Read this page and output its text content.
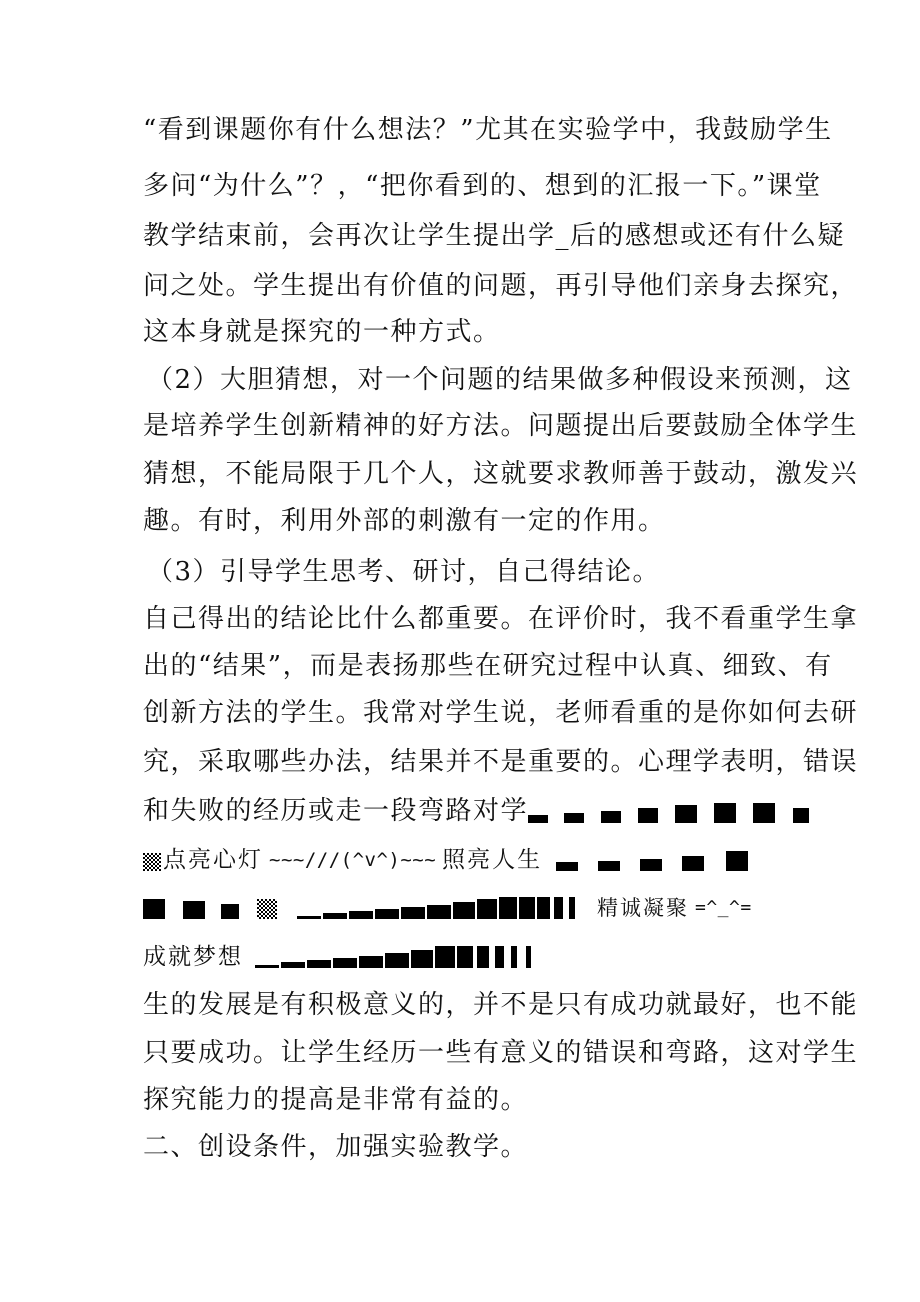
“看到课题你有什么想法？”尤其在实验学中，我鼓励学生
多问“为什么”？，“把你看到的、想到的汇报一下。”课堂
教学结束前，会再次让学生提出学_后的感想或还有什么疑
问之处。学生提出有价值的问题，再引导他们亲身去探究，
这本身就是探究的一种方式。
（2）大胆猜想，对一个问题的结果做多种假设来预测，这
是培养学生创新精神的好方法。问题提出后要鼓励全体学生
猜想，不能局限于几个人，这就要求教师善于鼓动，激发兴
趣。有时，利用外部的刺激有一定的作用。
（3）引导学生思考、研讨，自己得结论。
自己得出的结论比什么都重要。在评价时，我不看重学生拿
出的“结果”，而是表扬那些在研究过程中认真、细致、有
创新方法的学生。我常对学生说，老师看重的是你如何去研
究，采取哪些办法，结果并不是重要的。心理学表明，错误
和失败的经历或走一段弯路对学
点亮心灯 ~~~///(^v^)~~~ 照亮人生
精诚凝聚 =^_^=
成就梦想
生的发展是有积极意义的，并不是只有成功就最好，也不能
只要成功。让学生经历一些有意义的错误和弯路，这对学生
探究能力的提高是非常有益的。
二、创设条件，加强实验教学。
